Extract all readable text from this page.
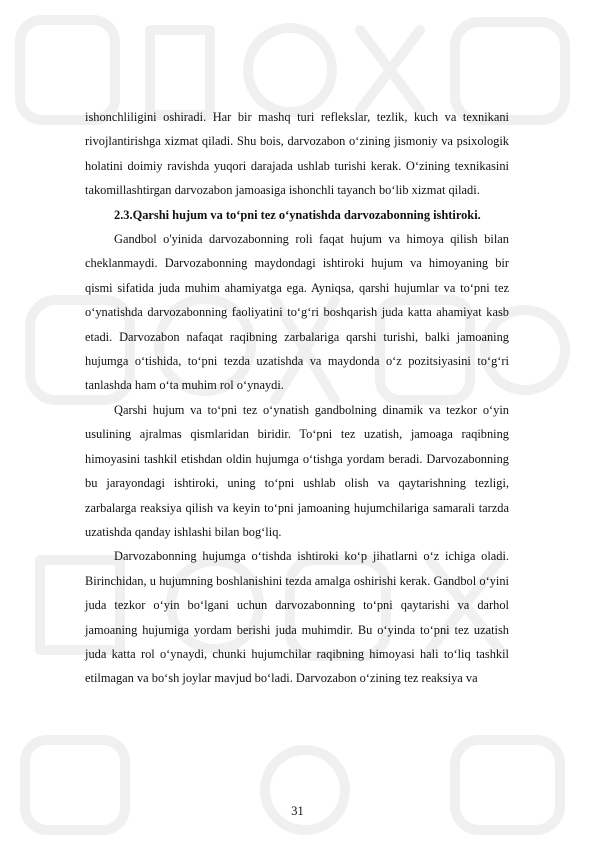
ishonchliligini oshiradi. Har bir mashq turi reflekslar, tezlik, kuch va texnikani rivojlantirishga xizmat qiladi. Shu bois, darvozabon o‘zining jismoniy va psixologik holatini doimiy ravishda yuqori darajada ushlab turishi kerak. O‘zining texnikasini takomillashtirgan darvozabon jamoasiga ishonchli tayanch bo‘lib xizmat qiladi.

2.3.Qarshi hujum va to‘pni tez o‘ynatishda darvozabonning ishtiroki.

Gandbol o'yinida darvozabonning roli faqat hujum va himoya qilish bilan cheklanmaydi. Darvozabonning maydondagi ishtiroki hujum va himoyaning bir qismi sifatida juda muhim ahamiyatga ega. Ayniqsa, qarshi hujumlar va to‘pni tez o‘ynatishda darvozabonning faoliyatini to‘g‘ri boshqarish juda katta ahamiyat kasb etadi. Darvozabon nafaqat raqibning zarbalariga qarshi turishi, balki jamoaning hujumga o‘tishida, to‘pni tezda uzatishda va maydonda o‘z pozitsiyasini to‘g‘ri tanlashda ham o‘ta muhim rol o‘ynaydi.

Qarshi hujum va to‘pni tez o‘ynatish gandbolning dinamik va tezkor o‘yin usulining ajralmas qismlaridan biridir. To‘pni tez uzatish, jamoaga raqibning himoyasini tashkil etishdan oldin hujumga o‘tishga yordam beradi. Darvozabonning bu jarayondagi ishtiroki, uning to‘pni ushlab olish va qaytarishning tezligi, zarbalarga reaksiya qilish va keyin to‘pni jamoaning hujumchilariga samarali tarzda uzatishda qanday ishlashi bilan bog‘liq.

Darvozabonning hujumga o‘tishda ishtiroki ko‘p jihatlarni o‘z ichiga oladi. Birinchidan, u hujumning boshlanishini tezda amalga oshirishi kerak. Gandbol o‘yini juda tezkor o‘yin bo‘lgani uchun darvozabonning to‘pni qaytarishi va darhol jamoaning hujumiga yordam berishi juda muhimdir. Bu o‘yinda to‘pni tez uzatish juda katta rol o‘ynaydi, chunki hujumchilar raqibning himoyasi hali to‘liq tashkil etilmagan va bo‘sh joylar mavjud bo‘ladi. Darvozabon o‘zining tez reaksiya va

31
